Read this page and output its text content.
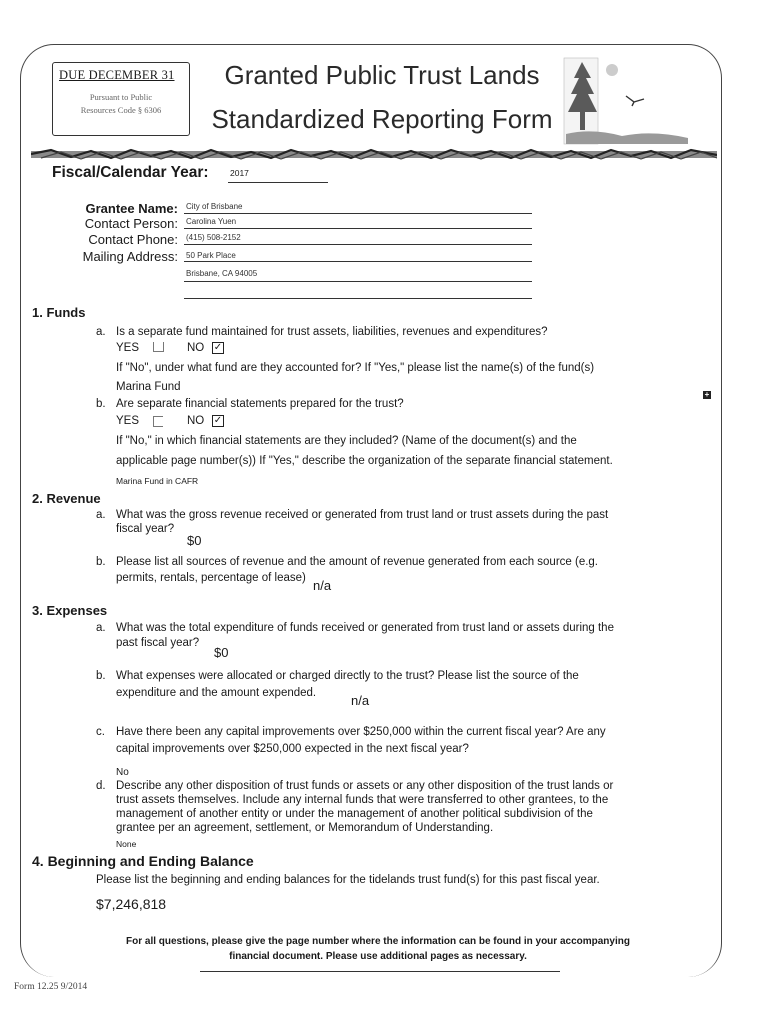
DUE DECEMBER 31
Pursuant to Public
Resources Code § 6306
Granted Public Trust Lands
Standardized Reporting Form
Fiscal/Calendar Year:	2017
Grantee Name: City of Brisbane
Contact Person: Carolina Yuen
Contact Phone: (415) 508-2152
Mailing Address: 50 Park Place
Brisbane, CA 94005
1. Funds
a. Is a separate fund maintained for trust assets, liabilities, revenues and expenditures?
YES	NO ✓
If "No", under what fund are they accounted for? If "Yes," please list the name(s) of the fund(s)
Marina Fund
+
b. Are separate financial statements prepared for the trust?
YES	NO ✓
If "No," in which financial statements are they included? (Name of the document(s) and the
applicable page number(s)) If "Yes," describe the organization of the separate financial statement.
Marina Fund in CAFR
2. Revenue
a. What was the gross revenue received or generated from trust land or trust assets during the past
fiscal year?
$0
b. Please list all sources of revenue and the amount of revenue generated from each source (e.g.
permits, rentals, percentage of lease) n/a
3. Expenses
a. What was the total expenditure of funds received or generated from trust land or assets during the
past fiscal year?
$0
b. What expenses were allocated or charged directly to the trust? Please list the source of the
expenditure and the amount expended.	n/a
c. Have there been any capital improvements over $250,000 within the current fiscal year? Are any
capital improvements over $250,000 expected in the next fiscal year?
No
d. Describe any other disposition of trust funds or assets or any other disposition of the trust lands or
trust assets themselves. Include any internal funds that were transferred to other grantees, to the
management of another entity or under the management of another political subdivision of the
grantee per an agreement, settlement, or Memorandum of Understanding.
None
4. Beginning and Ending Balance
Please list the beginning and ending balances for the tidelands trust fund(s) for this past fiscal year.
$7,246,818
For all questions, please give the page number where the information can be found in your accompanying
financial document. Please use additional pages as necessary.
Form 12.25 9/2014
